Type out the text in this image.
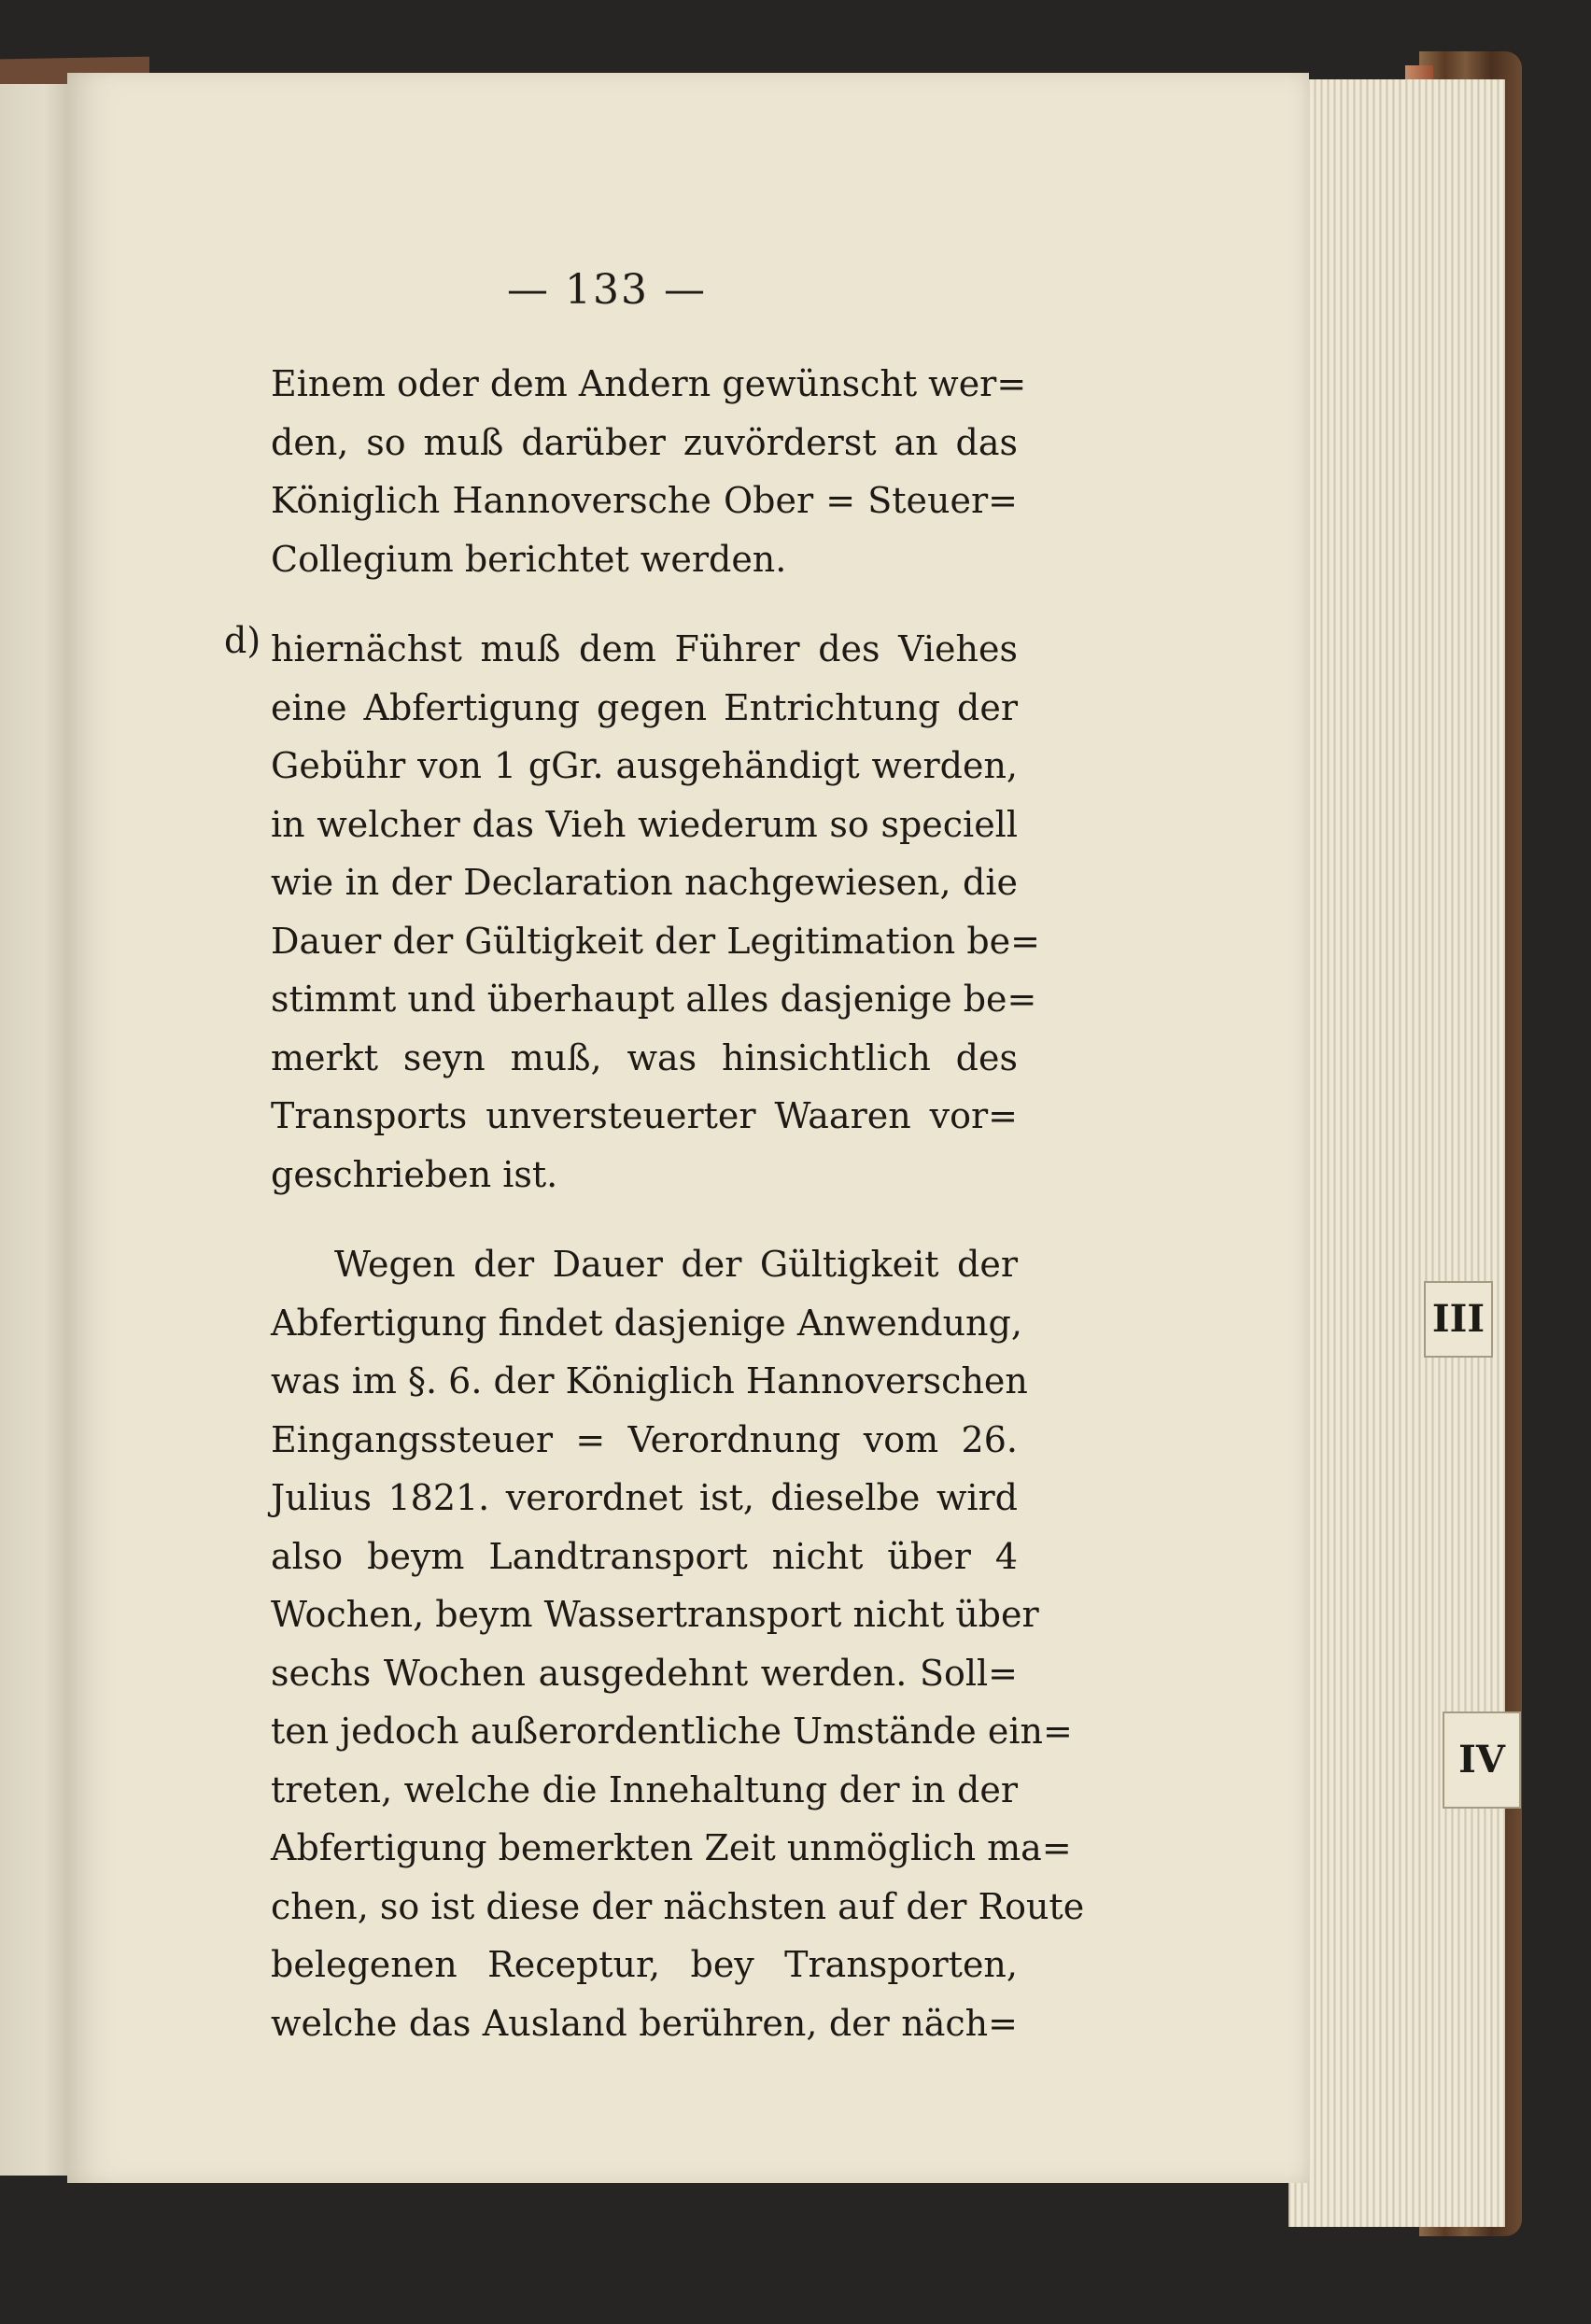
III
IV
— 133 —
d)
Einem oder dem Andern gewünscht wer=
den, so muß darüber zuvörderst an das
Königlich Hannoversche Ober = Steuer=
Collegium berichtet werden.
hiernächst muß dem Führer des Viehes
eine Abfertigung gegen Entrichtung der
Gebühr von 1 gGr. ausgehändigt werden,
in welcher das Vieh wiederum so speciell
wie in der Declaration nachgewiesen, die
Dauer der Gültigkeit der Legitimation be=
stimmt und überhaupt alles dasjenige be=
merkt seyn muß, was hinsichtlich des
Transports unversteuerter Waaren vor=
geschrieben ist.
Wegen der Dauer der Gültigkeit der
Abfertigung findet dasjenige Anwendung,
was im §. 6. der Königlich Hannoverschen
Eingangssteuer = Verordnung vom 26.
Julius 1821. verordnet ist, dieselbe wird
also beym Landtransport nicht über 4
Wochen, beym Wassertransport nicht über
sechs Wochen ausgedehnt werden. Soll=
ten jedoch außerordentliche Umstände ein=
treten, welche die Innehaltung der in der
Abfertigung bemerkten Zeit unmöglich ma=
chen, so ist diese der nächsten auf der Route
belegenen Receptur, bey Transporten,
welche das Ausland berühren, der näch=
